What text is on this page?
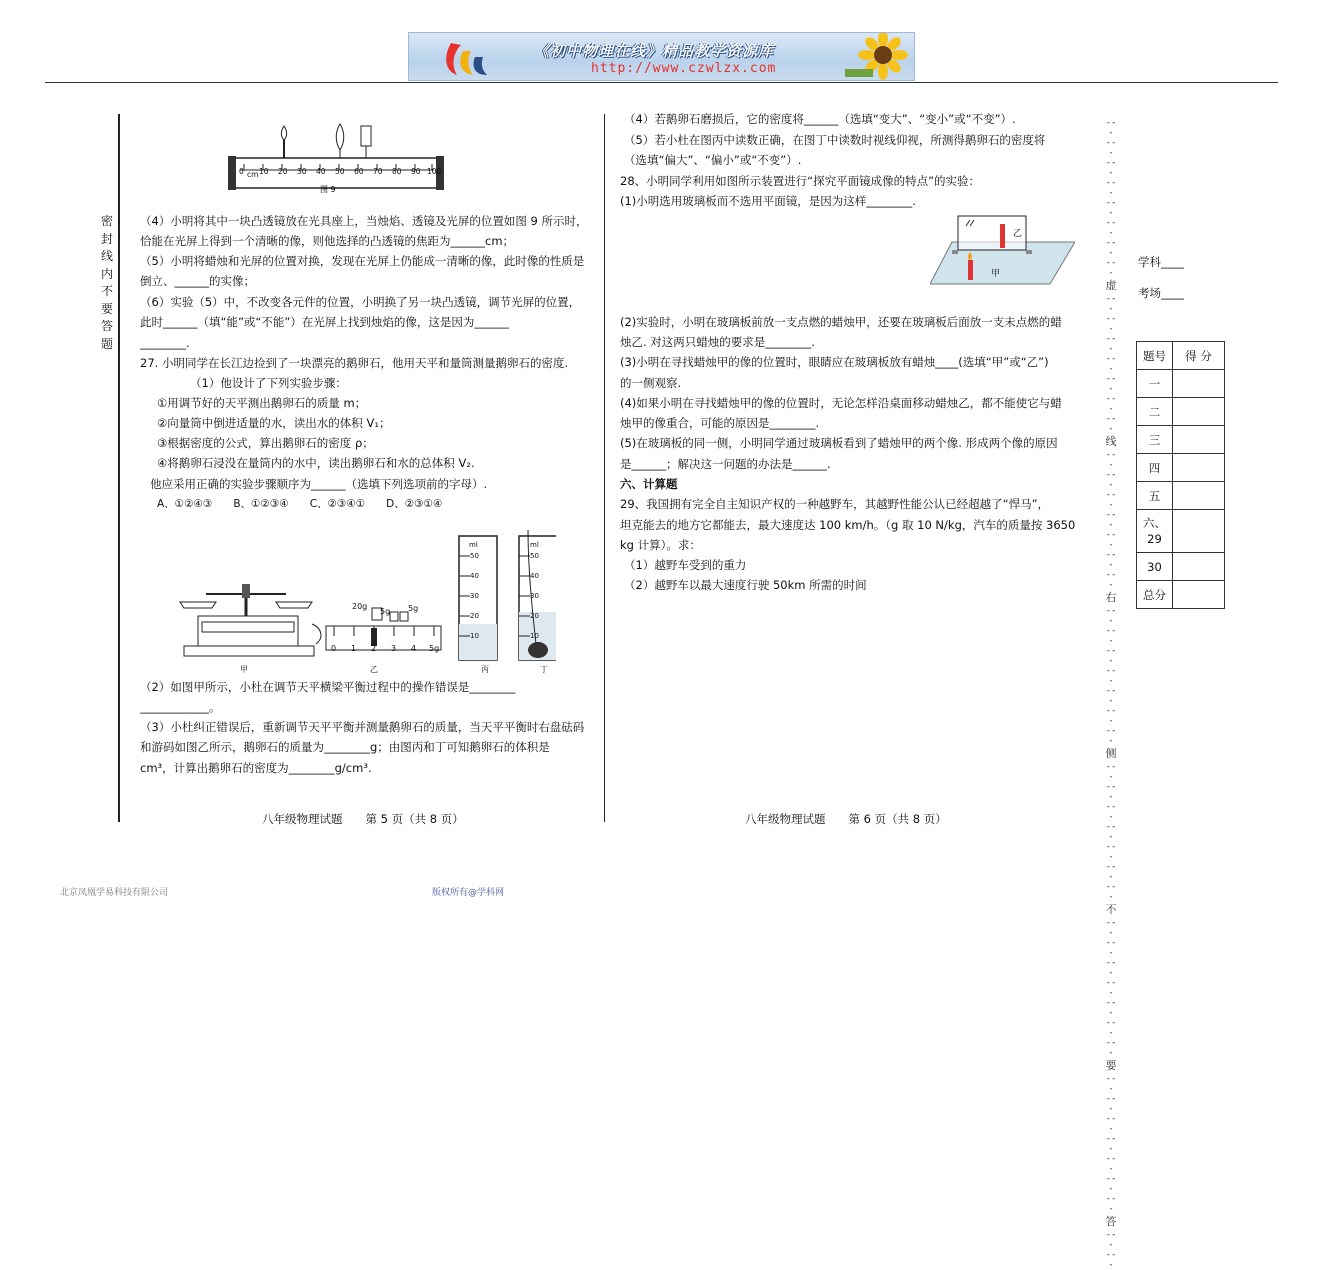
《初中物理在线》精品教学资源库
http://www.czwlzx.com
密封线内不要答题
图 9
0 cm 10 20 30 40 50 60 70 80 90 100
（4）小明将其中一块凸透镜放在光具座上，当烛焰、透镜及光屏的位置如图 9 所示时，
恰能在光屏上得到一个清晰的像，则他选择的凸透镜的焦距为______cm；
（5）小明将蜡烛和光屏的位置对换，发现在光屏上仍能成一清晰的像，此时像的性质是
倒立、______的实像；
（6）实验（5）中，不改变各元件的位置，小明换了另一块凸透镜，调节光屏的位置，
此时______（填“能”或“不能”）在光屏上找到烛焰的像，这是因为______
________.
27. 小明同学在长江边捡到了一块漂亮的鹅卵石，他用天平和量筒测量鹅卵石的密度.
（1）他设计了下列实验步骤：
①用调节好的天平测出鹅卵石的质量 m；
②向量筒中倒进适量的水，读出水的体积 V₁；
③根据密度的公式，算出鹅卵石的密度 ρ；
④将鹅卵石浸没在量筒内的水中，读出鹅卵石和水的总体积 V₂.
他应采用正确的实验步骤顺序为______（选填下列选项前的字母）.
A、①②④③　　B、①②③④　　C、②③④①　　D、②③①④
20g
5g 5g
0 1 2 3 4 5g
ml
50
40
30
20
10
ml
50
40
30
20
10
甲	乙	丙	丁
（2）如图甲所示，小杜在调节天平横梁平衡过程中的操作错误是________
____________。
（3）小杜纠正错误后，重新调节天平平衡并测量鹅卵石的质量，当天平平衡时右盘砝码
和游码如图乙所示，鹅卵石的质量为________g；由图丙和丁可知鹅卵石的体积是
cm³，计算出鹅卵石的密度为________g/cm³.
八年级物理试题　　第 5 页（共 8 页）
（4）若鹅卵石磨损后，它的密度将______（选填“变大”、“变小”或“不变”）.
（5）若小杜在图丙中读数正确，在图丁中读数时视线仰视，所测得鹅卵石的密度将
（选填“偏大”、“偏小”或“不变”）.
28、小明同学利用如图所示装置进行“探究平面镜成像的特点”的实验：
(1)小明选用玻璃板而不选用平面镜，是因为这样________.
乙
甲
(2)实验时，小明在玻璃板前放一支点燃的蜡烛甲，还要在玻璃板后面放一支未点燃的蜡
烛乙. 对这两只蜡烛的要求是________.
(3)小明在寻找蜡烛甲的像的位置时，眼睛应在玻璃板放有蜡烛____(选填“甲”或“乙”)
的一侧观察.
(4)如果小明在寻找蜡烛甲的像的位置时，无论怎样沿桌面移动蜡烛乙，都不能使它与蜡
烛甲的像重合，可能的原因是________.
(5)在玻璃板的同一侧，小明同学通过玻璃板看到了蜡烛甲的两个像. 形成两个像的原因
是______；解决这一问题的办法是______.
六、计算题
29、我国拥有完全自主知识产权的一种越野车，其越野性能公认已经超越了“悍马”，
坦克能去的地方它都能去，最大速度达 100 km/h。（g 取 10 N/kg，汽车的质量按 3650
kg 计算）。求：
（1）越野车受到的重力
（2）越野车以最大速度行驶 50km 所需的时间
八年级物理试题　　第 6 页（共 8 页）
---
---
---
---
---
---
---
---
虚
---
---
---
---
---
---
---
线
---
---
---
---
---
---
---
右
---
---
---
---
---
---
---
侧
---
---
---
---
---
---
---
不
---
---
---
---
---
---
---
要
---
---
---
---
---
---
---
答
---
---
学科____
考场____
题号	得 分
一	
二	
三	
四	
五	
六、29	
30	
总分	
北京凤凰学易科技有限公司	版权所有@学科网
